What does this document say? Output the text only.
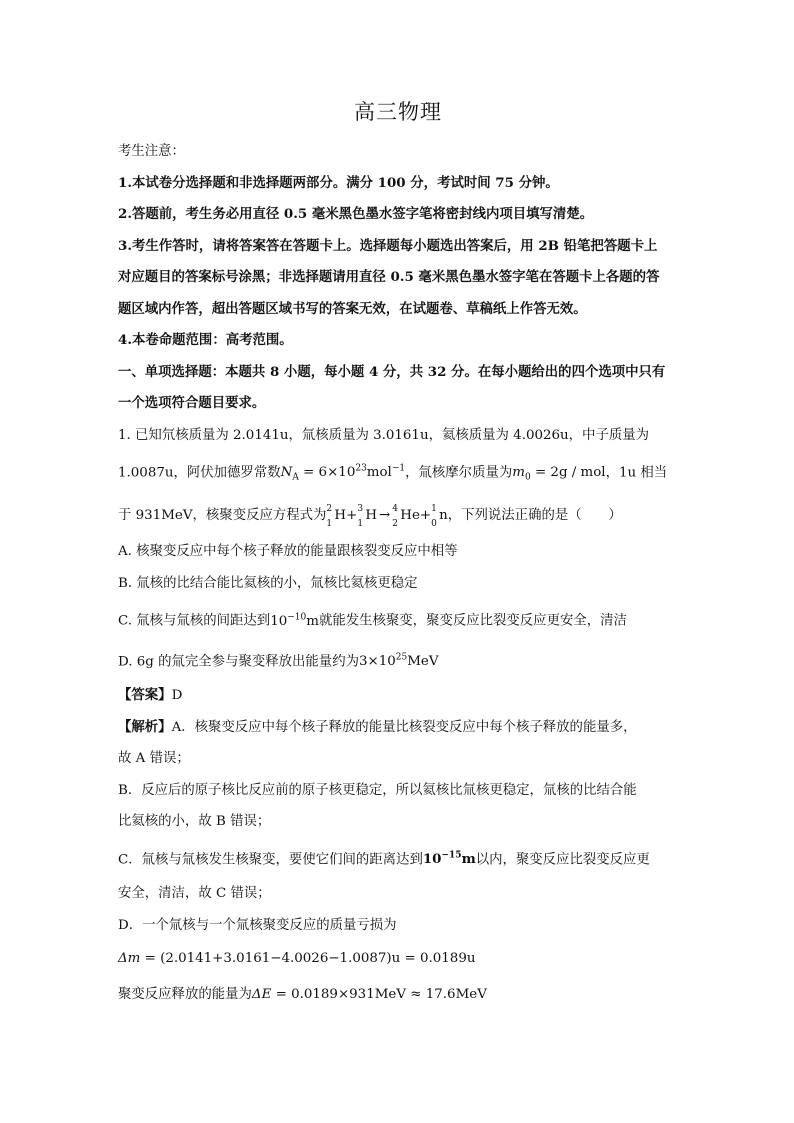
高三物理
考生注意：
1.本试卷分选择题和非选择题两部分。满分 100 分，考试时间 75 分钟。
2.答题前，考生务必用直径 0.5 毫米黑色墨水签字笔将密封线内项目填写清楚。
3.考生作答时，请将答案答在答题卡上。选择题每小题选出答案后，用 2B 铅笔把答题卡上
对应题目的答案标号涂黑；非选择题请用直径 0.5 毫米黑色墨水签字笔在答题卡上各题的答
题区域内作答，超出答题区域书写的答案无效，在试题卷、草稿纸上作答无效。
4.本卷命题范围：高考范围。
一、单项选择题：本题共 8 小题，每小题 4 分，共 32 分。在每小题给出的四个选项中只有
一个选项符合题目要求。
1. 已知氘核质量为 2.0141u，氚核质量为 3.0161u，氦核质量为 4.0026u，中子质量为
1.0087u，阿伏加德罗常数$N_A = 6\times 10^{23}mol^{-1}$，氚核摩尔质量为$m_0 = 2g$ / mol，1u 相当
于 931MeV，核聚变反应方程式为 2
1
H+ 3
1
H → 4
2
He+ 1
0
n，下列说法正确的是（　　）
A. 核聚变反应中每个核子释放的能量跟核裂变反应中相等
B. 氚核的比结合能比氦核的小，氚核比氦核更稳定
C. 氚核与氚核的间距达到$10^{-10}m$就能发生核聚变，聚变反应比裂变反应更安全，清洁
D. 6g 的氚完全参与聚变释放出能量约为$3\times 10^{25}MeV$
【答案】D
【解析】A．核聚变反应中每个核子释放的能量比核裂变反应中每个核子释放的能量多，
故 A 错误；
B．反应后的原子核比反应前的原子核更稳定，所以氦核比氚核更稳定，氚核的比结合能
比氦核的小，故 B 错误；
C．氚核与氚核发生核聚变，要使它们间的距离达到$10^{-15}m$以内，聚变反应比裂变反应更
安全，清洁，故 C 错误；
D．一个氚核与一个氚核聚变反应的质量亏损为
Δm = (2.0141+3.0161−4.0026−1.0087)u = 0.0189u
聚变反应释放的能量为ΔE = 0.0189×931MeV ≈ 17.6MeV
